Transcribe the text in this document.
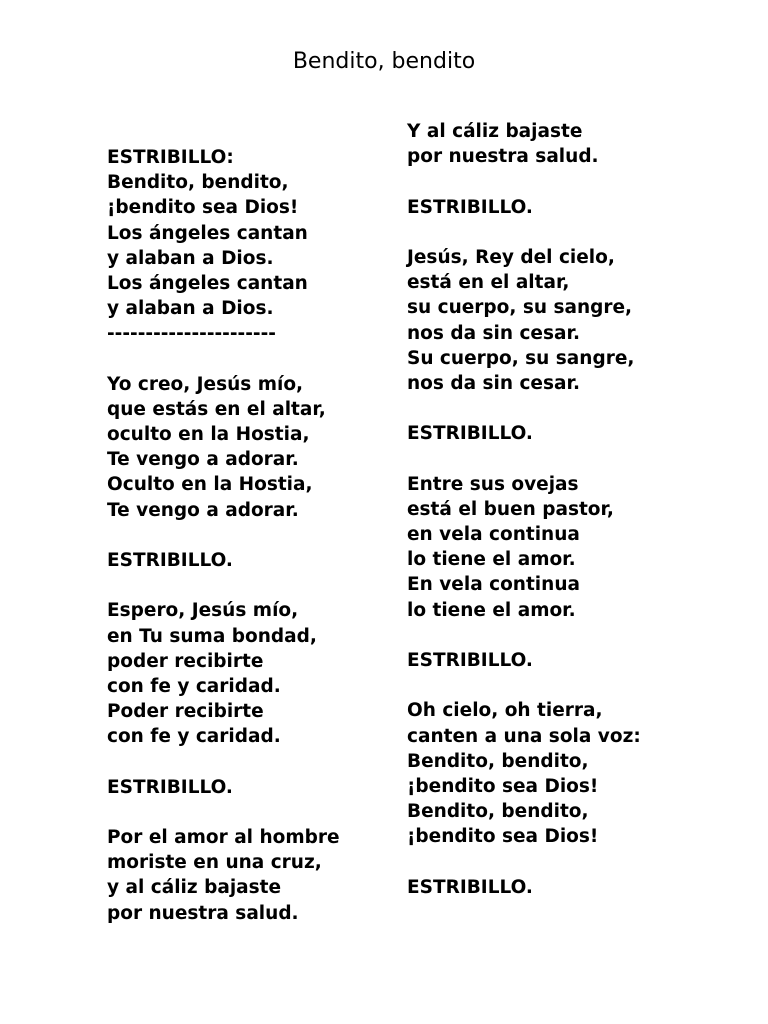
Bendito, bendito
ESTRIBILLO:
Bendito, bendito,
¡bendito sea Dios!
Los ángeles cantan
y alaban a Dios.
Los ángeles cantan
y alaban a Dios.
----------------------
Yo creo, Jesús mío,
que estás en el altar,
oculto en la Hostia,
Te vengo a adorar.
Oculto en la Hostia,
Te vengo a adorar.
ESTRIBILLO.
Espero, Jesús mío,
en Tu suma bondad,
poder recibirte
con fe y caridad.
Poder recibirte
con fe y caridad.
ESTRIBILLO.
Por el amor al hombre
moriste en una cruz,
y al cáliz bajaste
por nuestra salud.
Y al cáliz bajaste
por nuestra salud.
ESTRIBILLO.
Jesús, Rey del cielo,
está en el altar,
su cuerpo, su sangre,
nos da sin cesar.
Su cuerpo, su sangre,
nos da sin cesar.
ESTRIBILLO.
Entre sus ovejas
está el buen pastor,
en vela continua
lo tiene el amor.
En vela continua
lo tiene el amor.
ESTRIBILLO.
Oh cielo, oh tierra,
canten a una sola voz:
Bendito, bendito,
¡bendito sea Dios!
Bendito, bendito,
¡bendito sea Dios!
ESTRIBILLO.
